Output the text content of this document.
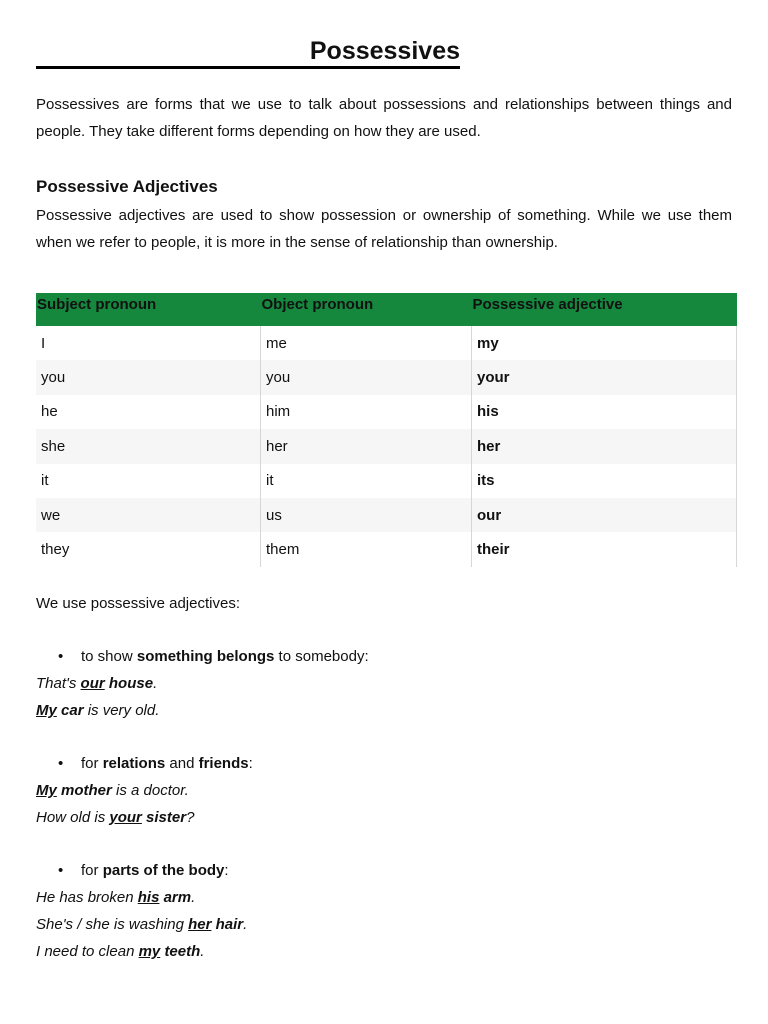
Possessives

Possessives are forms that we use to talk about possessions and relationships between things and people. They take different forms depending on how they are used.

Possessive Adjectives

Possessive adjectives are used to show possession or ownership of something. While we use them when we refer to people, it is more in the sense of relationship than ownership.

Subject pronoun	Object pronoun	Possessive adjective
I	me	my
you	you	your
he	him	his
she	her	her
it	it	its
we	us	our
they	them	their
We use possessive adjectives:
• to show something belongs to somebody:
That's our house.
My car is very old.
• for relations and friends:
My mother is a doctor.
How old is your sister?
• for parts of the body:
He has broken his arm.
She's / she is washing her hair.
I need to clean my teeth.
